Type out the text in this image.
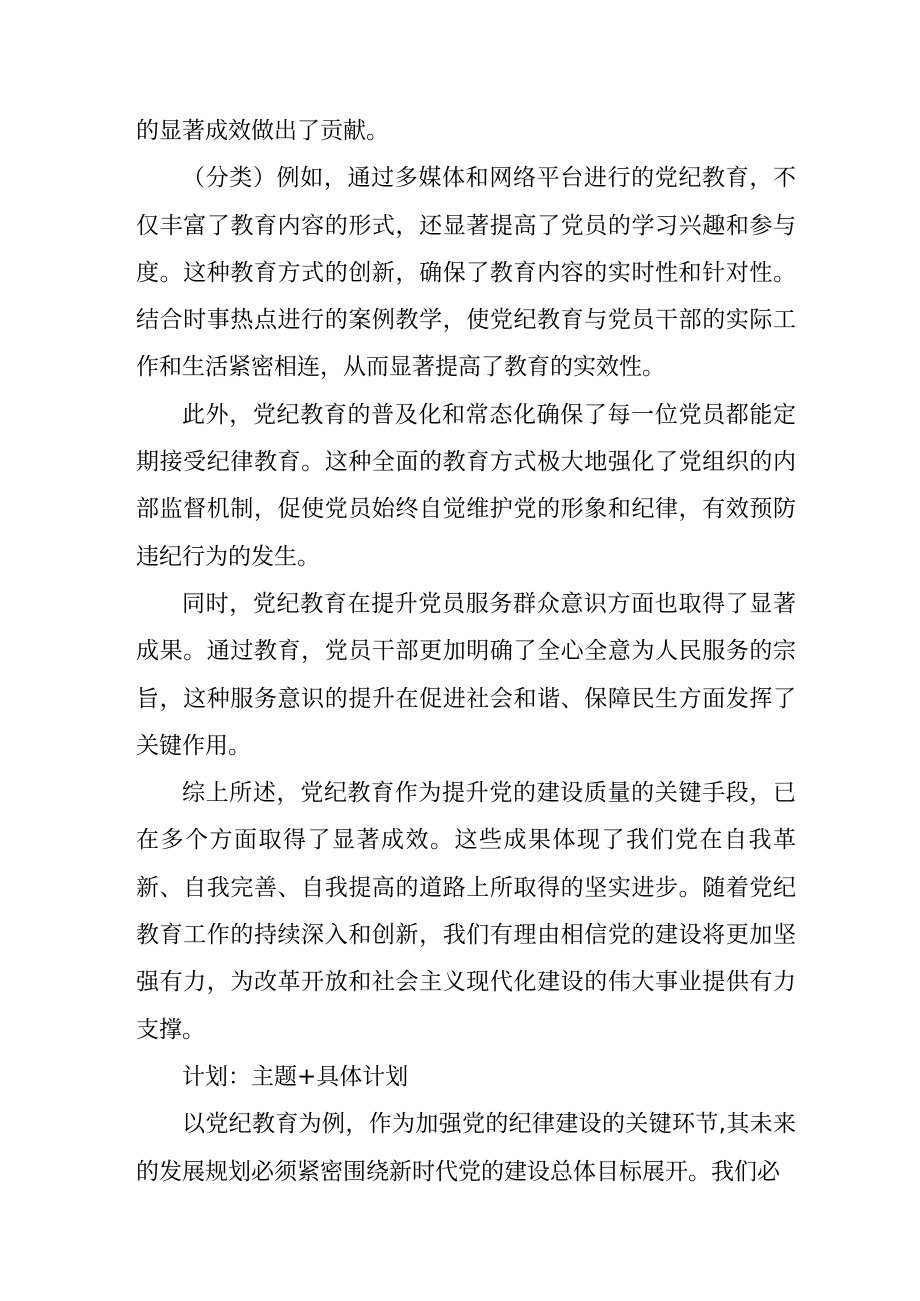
的显著成效做出了贡献。

（分类）例如，通过多媒体和网络平台进行的党纪教育，不仅丰富了教育内容的形式，还显著提高了党员的学习兴趣和参与度。这种教育方式的创新，确保了教育内容的实时性和针对性。结合时事热点进行的案例教学，使党纪教育与党员干部的实际工作和生活紧密相连，从而显著提高了教育的实效性。

此外，党纪教育的普及化和常态化确保了每一位党员都能定期接受纪律教育。这种全面的教育方式极大地强化了党组织的内部监督机制，促使党员始终自觉维护党的形象和纪律，有效预防违纪行为的发生。

同时，党纪教育在提升党员服务群众意识方面也取得了显著成果。通过教育，党员干部更加明确了全心全意为人民服务的宗旨，这种服务意识的提升在促进社会和谐、保障民生方面发挥了关键作用。

综上所述，党纪教育作为提升党的建设质量的关键手段，已在多个方面取得了显著成效。这些成果体现了我们党在自我革新、自我完善、自我提高的道路上所取得的坚实进步。随着党纪教育工作的持续深入和创新，我们有理由相信党的建设将更加坚强有力，为改革开放和社会主义现代化建设的伟大事业提供有力支撑。

计划：主题+具体计划

以党纪教育为例，作为加强党的纪律建设的关键环节,其未来的发展规划必须紧密围绕新时代党的建设总体目标展开。我们必
